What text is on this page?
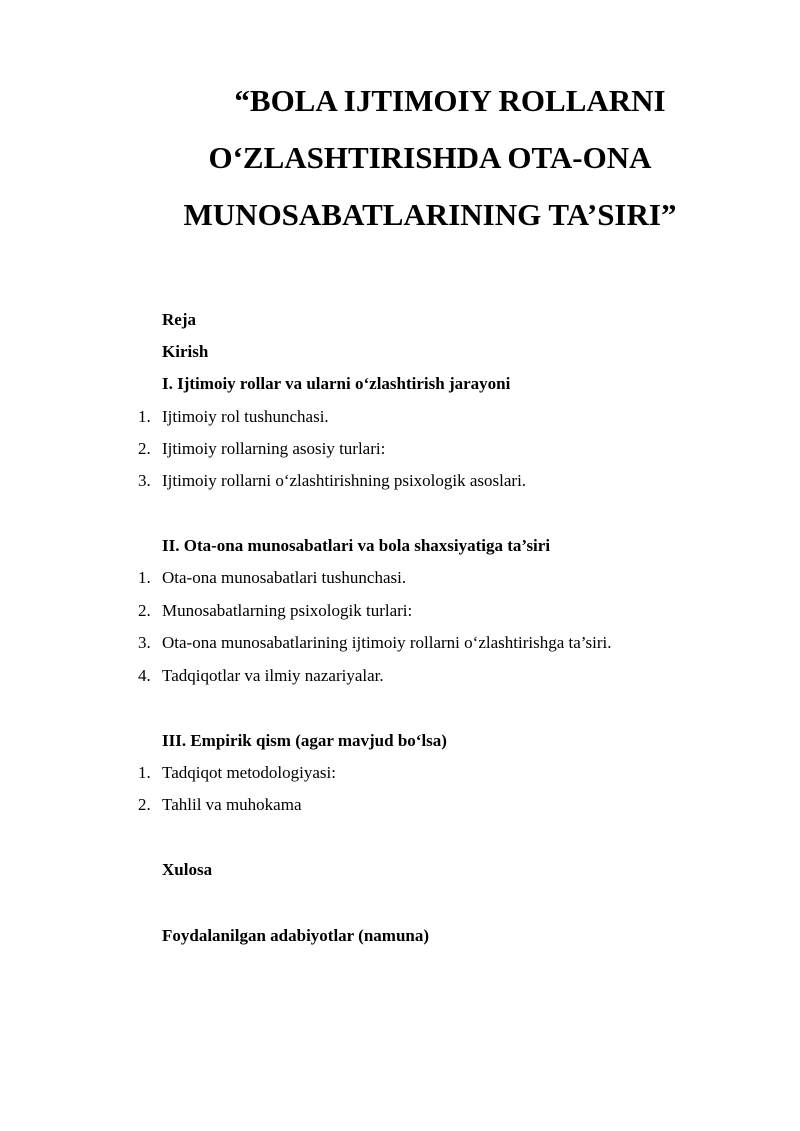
“BOLA IJTIMOIY ROLLARNI
O‘ZLASHTIRISHDA OTA-ONA
MUNOSABATLARINING TA’SIRI”
Reja
Kirish
I. Ijtimoiy rollar va ularni o‘zlashtirish jarayoni
1. Ijtimoiy rol tushunchasi.
2. Ijtimoiy rollarning asosiy turlari:
3. Ijtimoiy rollarni o‘zlashtirishning psixologik asoslari.
II. Ota-ona munosabatlari va bola shaxsiyatiga ta’siri
1. Ota-ona munosabatlari tushunchasi.
2. Munosabatlarning psixologik turlari:
3. Ota-ona munosabatlarining ijtimoiy rollarni o‘zlashtirishga ta’siri.
4. Tadqiqotlar va ilmiy nazariyalar.
III. Empirik qism (agar mavjud bo‘lsa)
1. Tadqiqot metodologiyasi:
2. Tahlil va muhokama
Xulosa
Foydalanilgan adabiyotlar (namuna)
